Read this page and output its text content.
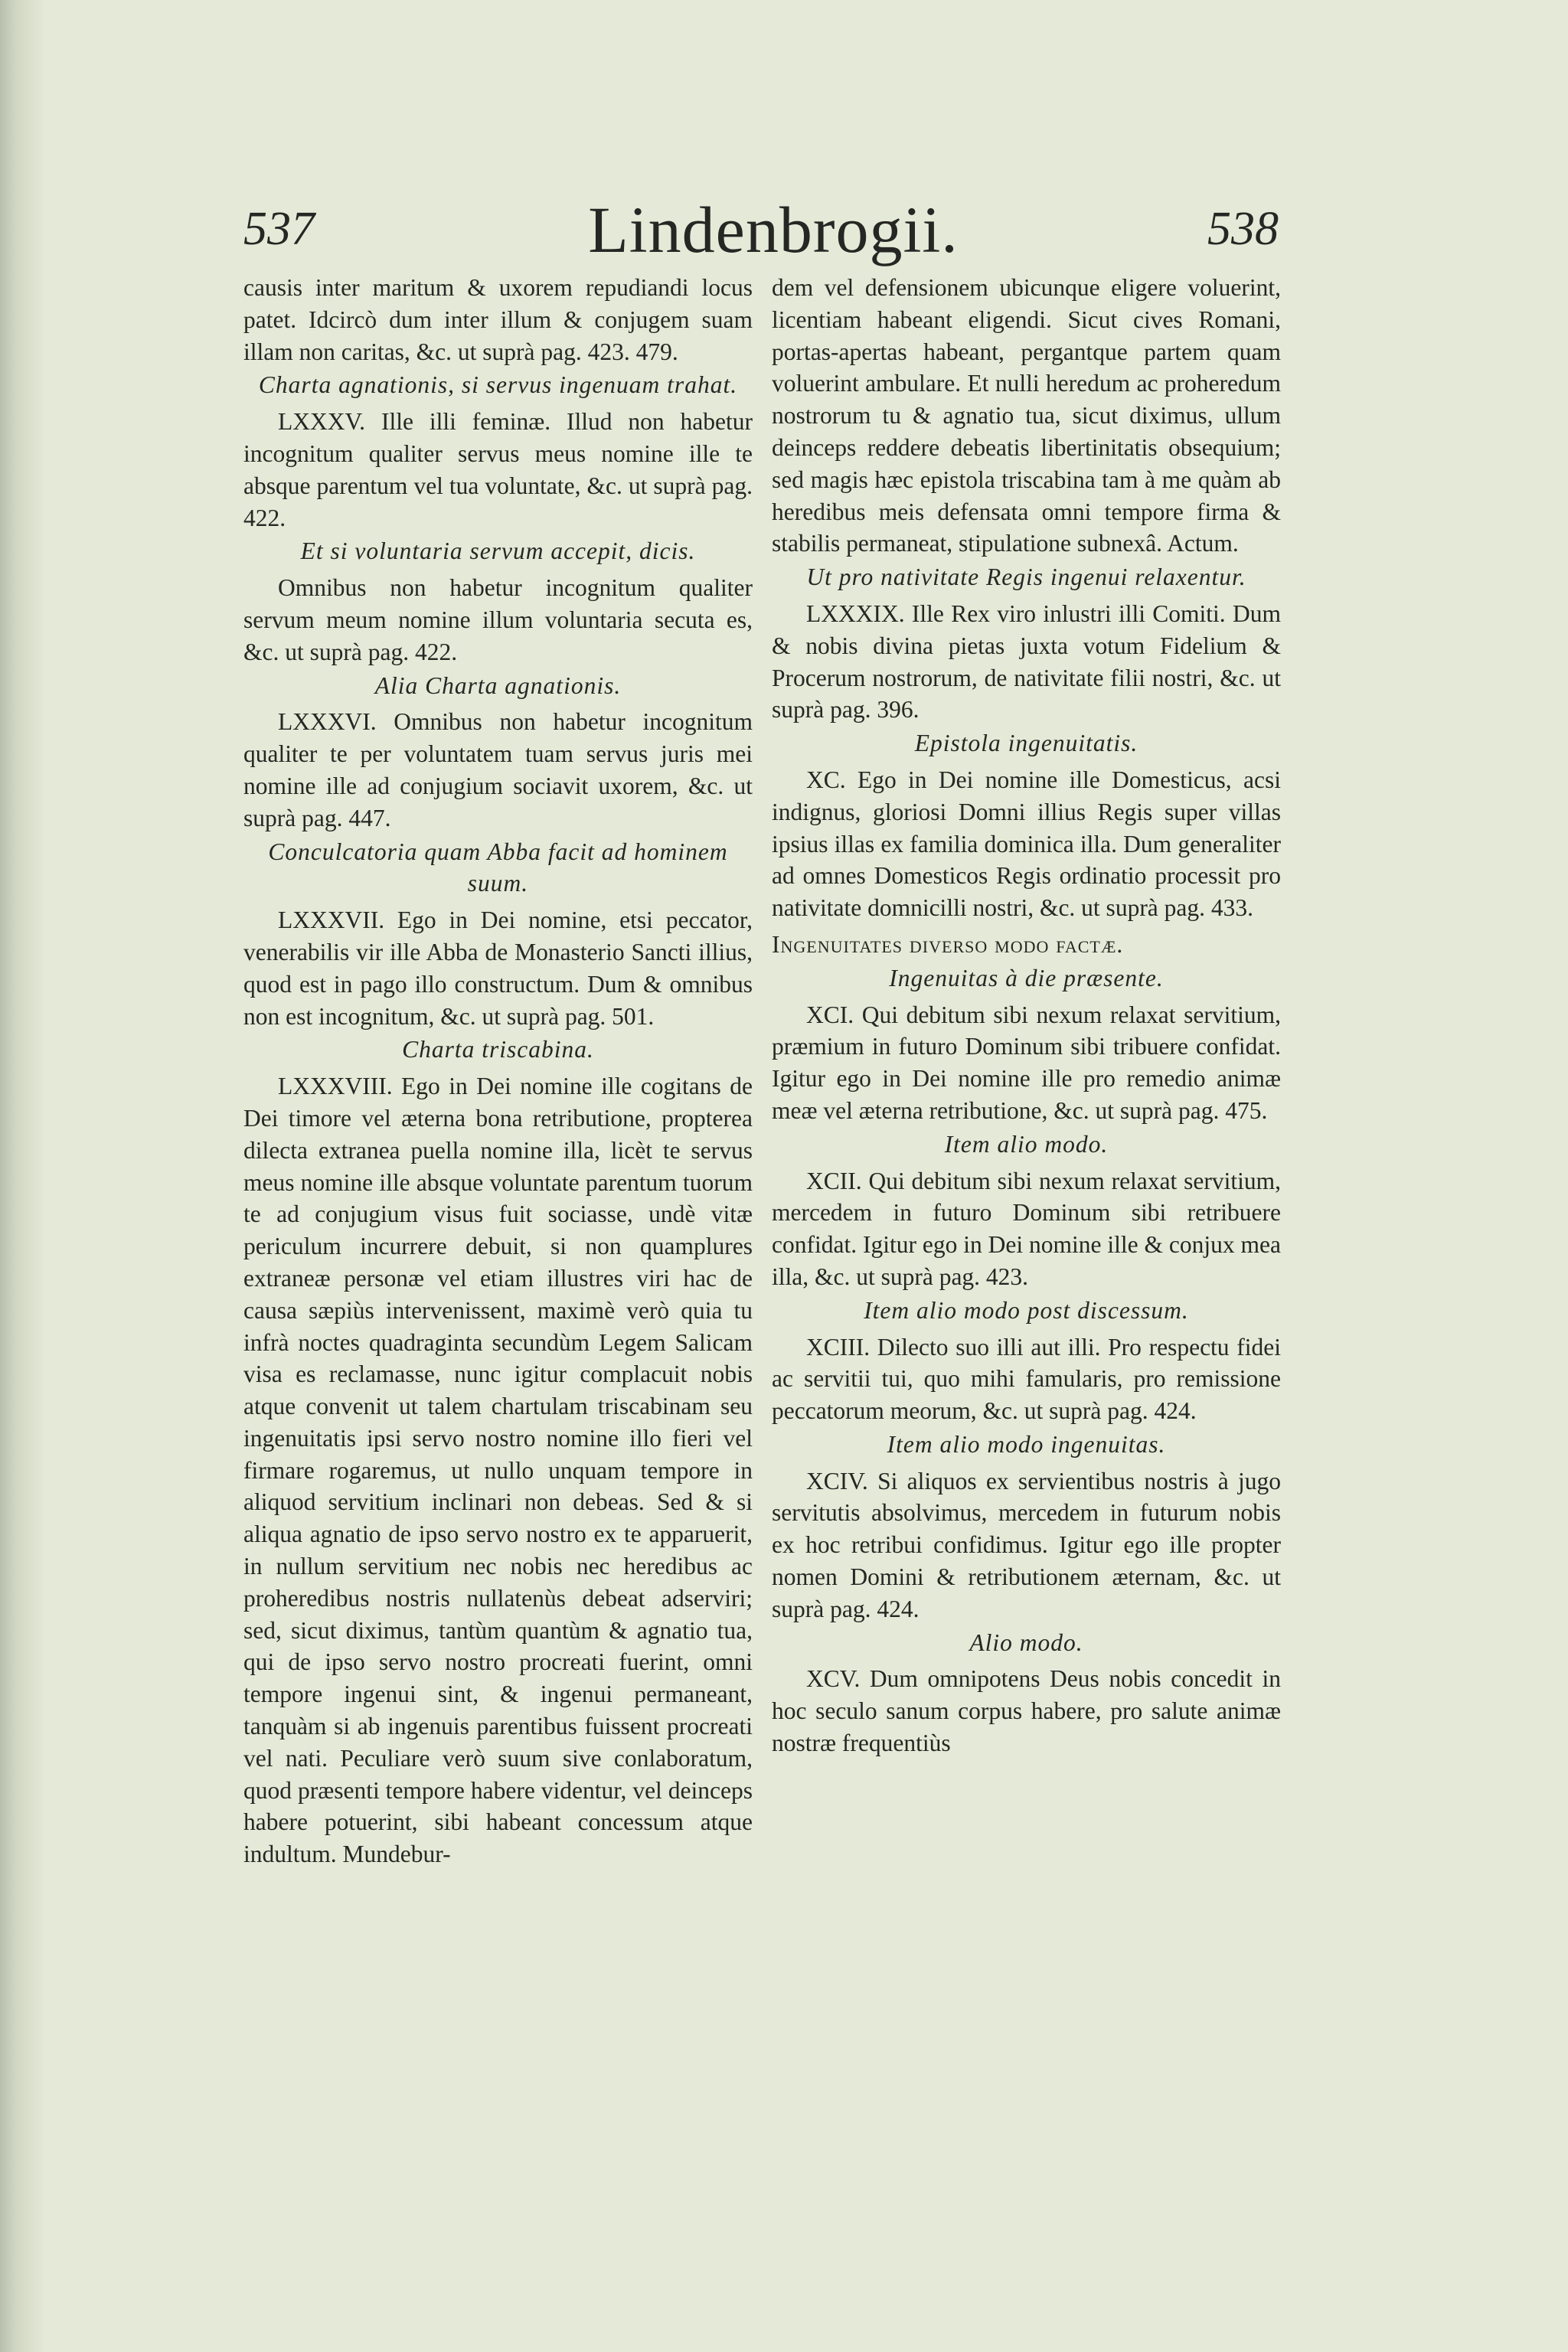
537	Lindenbrogii.	538

causis inter maritum & uxorem repudiandi locus patet. Idcircò dum inter illum & conjugem suam illam non caritas, &c. ut suprà pag. 423. 479.

Charta agnationis, si servus ingenuam trahat.

LXXXV. Ille illi feminæ. Illud non habetur incognitum qualiter servus meus nomine ille te absque parentum vel tua voluntate, &c. ut suprà pag. 422.

Et si voluntaria servum accepit, dicis.

Omnibus non habetur incognitum qualiter servum meum nomine illum voluntaria secuta es, &c. ut suprà pag. 422.

Alia Charta agnationis.

LXXXVI. Omnibus non habetur incognitum qualiter te per voluntatem tuam servus juris mei nomine ille ad conjugium sociavit uxorem, &c. ut suprà pag. 447.

Conculcatoria quam Abba facit ad hominem suum.

LXXXVII. Ego in Dei nomine, etsi peccator, venerabilis vir ille Abba de Monasterio Sancti illius, quod est in pago illo constructum. Dum & omnibus non est incognitum, &c. ut suprà pag. 501.

Charta triscabina.

LXXXVIII. Ego in Dei nomine ille cogitans de Dei timore vel æterna bona retributione, propterea dilecta extranea puella nomine illa, licèt te servus meus nomine ille absque voluntate parentum tuorum te ad conjugium visus fuit sociasse, undè vitæ periculum incurrere debuit, si non quamplures extraneæ personæ vel etiam illustres viri hac de causa sæpiùs intervenissent, maximè verò quia tu infrà noctes quadraginta secundùm Legem Salicam visa es reclamasse, nunc igitur complacuit nobis atque convenit ut talem chartulam triscabinam seu ingenuitatis ipsi servo nostro nomine illo fieri vel firmare rogaremus, ut nullo unquam tempore in aliquod servitium inclinari non debeas. Sed & si aliqua agnatio de ipso servo nostro ex te apparuerit, in nullum servitium nec nobis nec heredibus ac proheredibus nostris nullatenùs debeat adserviri; sed, sicut diximus, tantùm quantùm & agnatio tua, qui de ipso servo nostro procreati fuerint, omni tempore ingenui sint, & ingenui permaneant, tanquàm si ab ingenuis parentibus fuissent procreati vel nati. Peculiare verò suum sive conlaboratum, quod præsenti tempore habere videntur, vel deinceps habere potuerint, sibi habeant concessum atque indultum. Mundebur-

dem vel defensionem ubicunque eligere voluerint, licentiam habeant eligendi. Sicut cives Romani, portas-apertas habeant, pergantque partem quam voluerint ambulare. Et nulli heredum ac proheredum nostrorum tu & agnatio tua, sicut diximus, ullum deinceps reddere debeatis libertinitatis obsequium; sed magis hæc epistola triscabina tam à me quàm ab heredibus meis defensata omni tempore firma & stabilis permaneat, stipulatione subnexâ. Actum.

Ut pro nativitate Regis ingenui relaxentur.

LXXXIX. Ille Rex viro inlustri illi Comiti. Dum & nobis divina pietas juxta votum Fidelium & Procerum nostrorum, de nativitate filii nostri, &c. ut suprà pag. 396.

Epistola ingenuitatis.

XC. Ego in Dei nomine ille Domesticus, acsi indignus, gloriosi Domni illius Regis super villas ipsius illas ex familia dominica illa. Dum generaliter ad omnes Domesticos Regis ordinatio processit pro nativitate domnicilli nostri, &c. ut suprà pag. 433.

Ingenuitates diverso modo factæ.

Ingenuitas à die præsente.

XCI. Qui debitum sibi nexum relaxat servitium, præmium in futuro Dominum sibi tribuere confidat. Igitur ego in Dei nomine ille pro remedio animæ meæ vel æterna retributione, &c. ut suprà pag. 475.

Item alio modo.

XCII. Qui debitum sibi nexum relaxat servitium, mercedem in futuro Dominum sibi retribuere confidat. Igitur ego in Dei nomine ille & conjux mea illa, &c. ut suprà pag. 423.

Item alio modo post discessum.

XCIII. Dilecto suo illi aut illi. Pro respectu fidei ac servitii tui, quo mihi famularis, pro remissione peccatorum meorum, &c. ut suprà pag. 424.

Item alio modo ingenuitas.

XCIV. Si aliquos ex servientibus nostris à jugo servitutis absolvimus, mercedem in futurum nobis ex hoc retribui confidimus. Igitur ego ille propter nomen Domini & retributionem æternam, &c. ut suprà pag. 424.

Alio modo.

XCV. Dum omnipotens Deus nobis concedit in hoc seculo sanum corpus habere, pro salute animæ nostræ frequentiùs
